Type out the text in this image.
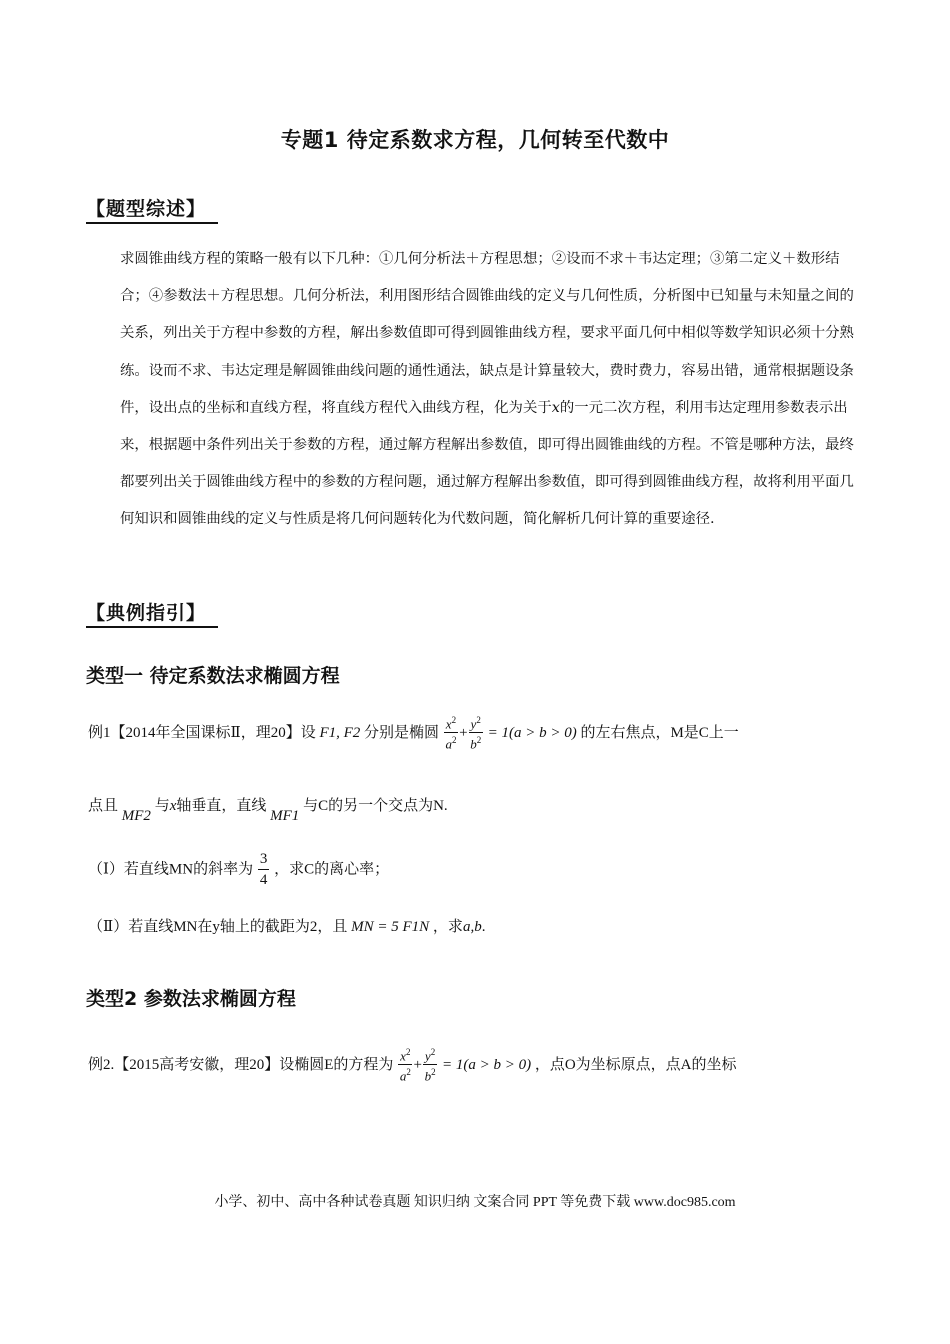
专题1 待定系数求方程，几何转至代数中
【题型综述】

求圆锥曲线方程的策略一般有以下几种：①几何分析法＋方程思想；②设而不求＋韦达定理；③第二定义＋数形结合；④参数法＋方程思想。几何分析法，利用图形结合圆锥曲线的定义与几何性质，分析图中已知量与未知量之间的关系，列出关于方程中参数的方程，解出参数值即可得到圆锥曲线方程，要求平面几何中相似等数学知识必须十分熟练。设而不求、韦达定理是解圆锥曲线问题的通性通法，缺点是计算量较大，费时费力，容易出错，通常根据题设条件，设出点的坐标和直线方程，将直线方程代入曲线方程，化为关于x的一元二次方程，利用韦达定理用参数表示出来，根据题中条件列出关于参数的方程，通过解方程解出参数值，即可得出圆锥曲线的方程。不管是哪种方法，最终都要列出关于圆锥曲线方程中的参数的方程问题，通过解方程解出参数值，即可得到圆锥曲线方程，故将利用平面几何知识和圆锥曲线的定义与性质是将几何问题转化为代数问题，简化解析几何计算的重要途径.

【典例指引】
类型一 待定系数法求椭圆方程
例1【2014年全国课标Ⅱ，理20】设 F1, F2 分别是椭圆 $\frac{x^2}{a^2} + \frac{y^2}{b^2} = 1(a > b > 0)$ 的左右焦点，M是C上一
点且 MF2 与x轴垂直，直线 MF1 与C的另一个交点为N.
（Ⅰ）若直线MN的斜率为 $\frac{3}{4}$ ，求C的离心率；
（Ⅱ）若直线MN在y轴上的截距为2，且 MN = 5 F1N ，求a,b.
类型2 参数法求椭圆方程
例2.【2015高考安徽，理20】设椭圆E的方程为 $\frac{x^2}{a^2} + \frac{y^2}{b^2} = 1(a > b > 0)$ ，点O为坐标原点，点A的坐标
小学、初中、高中各种试卷真题 知识归纳 文案合同 PPT 等免费下载 www.doc985.com
